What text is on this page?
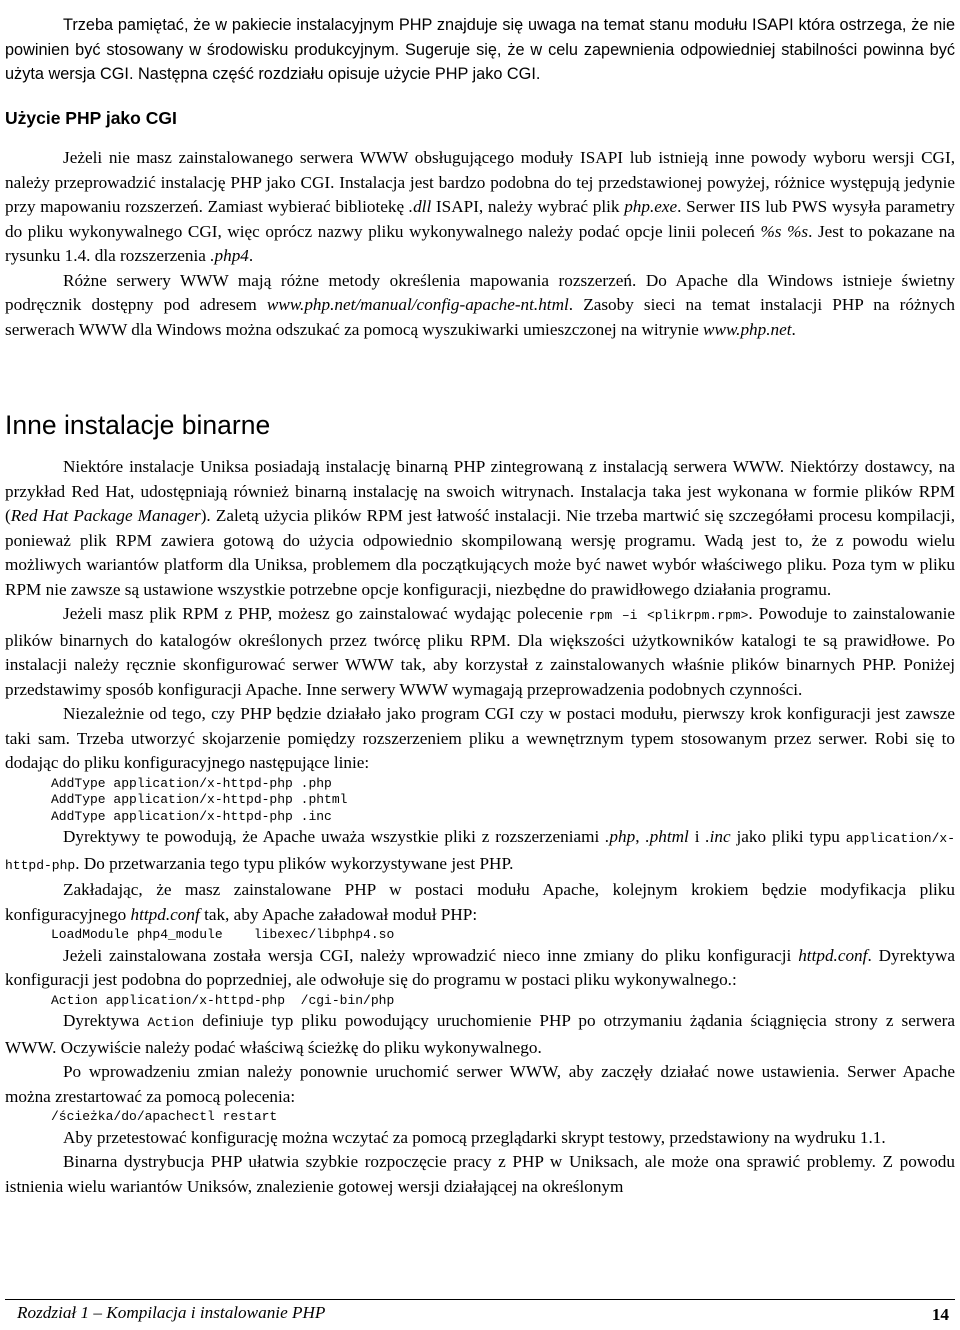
Trzeba pamiętać, że w pakiecie instalacyjnym PHP znajduje się uwaga na temat stanu modułu ISAPI która ostrzega, że nie powinien być stosowany w środowisku produkcyjnym. Sugeruje się, że w celu zapewnienia odpowiedniej stabilności powinna być użyta wersja CGI. Następna część rozdziału opisuje użycie PHP jako CGI.

Użycie PHP jako CGI

Jeżeli nie masz zainstalowanego serwera WWW obsługującego moduły ISAPI lub istnieją inne powody wyboru wersji CGI, należy przeprowadzić instalację PHP jako CGI. Instalacja jest bardzo podobna do tej przedstawionej powyżej, różnice występują jedynie przy mapowaniu rozszerzeń. Zamiast wybierać bibliotekę .dll ISAPI, należy wybrać plik php.exe. Serwer IIS lub PWS wysyła parametry do pliku wykonywalnego CGI, więc oprócz nazwy pliku wykonywalnego należy podać opcje linii poleceń %s %s. Jest to pokazane na rysunku 1.4. dla rozszerzenia .php4.

Różne serwery WWW mają różne metody określenia mapowania rozszerzeń. Do Apache dla Windows istnieje świetny podręcznik dostępny pod adresem www.php.net/manual/config-apache-nt.html. Zasoby sieci na temat instalacji PHP na różnych serwerach WWW dla Windows można odszukać za pomocą wyszukiwarki umieszczonej na witrynie www.php.net.

Inne instalacje binarne

Niektóre instalacje Uniksa posiadają instalację binarną PHP zintegrowaną z instalacją serwera WWW. Niektórzy dostawcy, na przykład Red Hat, udostępniają również binarną instalację na swoich witrynach. Instalacja taka jest wykonana w formie plików RPM (Red Hat Package Manager). Zaletą użycia plików RPM jest łatwość instalacji. Nie trzeba martwić się szczegółami procesu kompilacji, ponieważ plik RPM zawiera gotową do użycia odpowiednio skompilowaną wersję programu. Wadą jest to, że z powodu wielu możliwych wariantów platform dla Uniksa, problemem dla początkujących może być nawet wybór właściwego pliku. Poza tym w pliku RPM nie zawsze są ustawione wszystkie potrzebne opcje konfiguracji, niezbędne do prawidłowego działania programu.

Jeżeli masz plik RPM z PHP, możesz go zainstalować wydając polecenie rpm –i <plikrpm.rpm>. Powoduje to zainstalowanie plików binarnych do katalogów określonych przez twórcę pliku RPM. Dla większości użytkowników katalogi te są prawidłowe. Po instalacji należy ręcznie skonfigurować serwer WWW tak, aby korzystał z zainstalowanych właśnie plików binarnych PHP. Poniżej przedstawimy sposób konfiguracji Apache. Inne serwery WWW wymagają przeprowadzenia podobnych czynności.

Niezależnie od tego, czy PHP będzie działało jako program CGI czy w postaci modułu, pierwszy krok konfiguracji jest zawsze taki sam. Trzeba utworzyć skojarzenie pomiędzy rozszerzeniem pliku a wewnętrznym typem stosowanym przez serwer. Robi się to dodając do pliku konfiguracyjnego następujące linie:

AddType application/x-httpd-php .php
AddType application/x-httpd-php .phtml
AddType application/x-httpd-php .inc

Dyrektywy te powodują, że Apache uważa wszystkie pliki z rozszerzeniami .php, .phtml i .inc jako pliki typu application/x-httpd-php. Do przetwarzania tego typu plików wykorzystywane jest PHP.

Zakładając, że masz zainstalowane PHP w postaci modułu Apache, kolejnym krokiem będzie modyfikacja pliku konfiguracyjnego httpd.conf tak, aby Apache załadował moduł PHP:

LoadModule php4_module    libexec/libphp4.so

Jeżeli zainstalowana została wersja CGI, należy wprowadzić nieco inne zmiany do pliku konfiguracji httpd.conf. Dyrektywa konfiguracji jest podobna do poprzedniej, ale odwołuje się do programu w postaci pliku wykonywalnego.:

Action application/x-httpd-php  /cgi-bin/php

Dyrektywa Action definiuje typ pliku powodujący uruchomienie PHP po otrzymaniu żądania ściągnięcia strony z serwera WWW. Oczywiście należy podać właściwą ścieżkę do pliku wykonywalnego.

Po wprowadzeniu zmian należy ponownie uruchomić serwer WWW, aby zaczęły działać nowe ustawienia. Serwer Apache można zrestartować za pomocą polecenia:

/ścieżka/do/apachectl restart

Aby przetestować konfigurację można wczytać za pomocą przeglądarki skrypt testowy, przedstawiony na wydruku 1.1.

Binarna dystrybucja PHP ułatwia szybkie rozpoczęcie pracy z PHP w Uniksach, ale może ona sprawić problemy. Z powodu istnienia wielu wariantów Uniksów, znalezienie gotowej wersji działającej na określonym

Rozdział 1 – Kompilacja i instalowanie PHP	14
